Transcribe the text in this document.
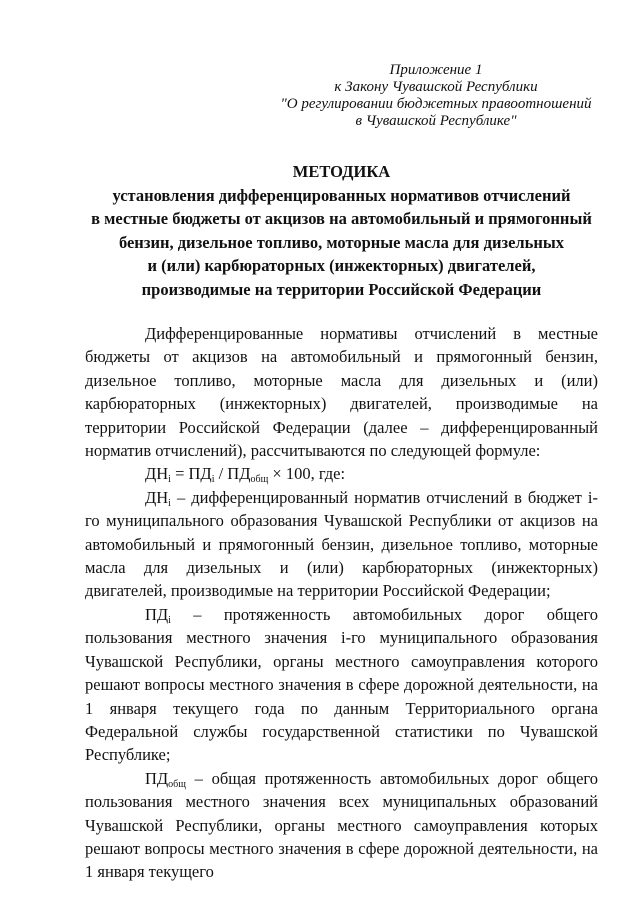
Приложение 1
к Закону Чувашской Республики
"О регулировании бюджетных правоотношений
в Чувашской Республике"
МЕТОДИКА
установления дифференцированных нормативов отчислений
в местные бюджеты от акцизов на автомобильный и прямогонный
бензин, дизельное топливо, моторные масла для дизельных
и (или) карбюраторных (инжекторных) двигателей,
производимые на территории Российской Федерации

Дифференцированные нормативы отчислений в местные бюджеты от акцизов на автомобильный и прямогонный бензин, дизельное топливо, моторные масла для дизельных и (или) карбюраторных (инжекторных) двигателей, производимые на территории Российской Федерации (далее – дифференцированный норматив отчислений), рассчитываются по следующей формуле:

$ДН_i = ПД_i / ПД_{общ} \times 100$, где:

$ДН_i$ – дифференцированный норматив отчислений в бюджет i-го муниципального образования Чувашской Республики от акцизов на автомобильный и прямогонный бензин, дизельное топливо, моторные масла для дизельных и (или) карбюраторных (инжекторных) двигателей, производимые на территории Российской Федерации;

$ПД_i$ – протяженность автомобильных дорог общего пользования местного значения i-го муниципального образования Чувашской Республики, органы местного самоуправления которого решают вопросы местного значения в сфере дорожной деятельности, на 1 января текущего года по данным Территориального органа Федеральной службы государственной статистики по Чувашской Республике;

$ПД_{общ}$ – общая протяженность автомобильных дорог общего пользования местного значения всех муниципальных образований Чувашской Республики, органы местного самоуправления которых решают вопросы местного значения в сфере дорожной деятельности, на 1 января текущего
